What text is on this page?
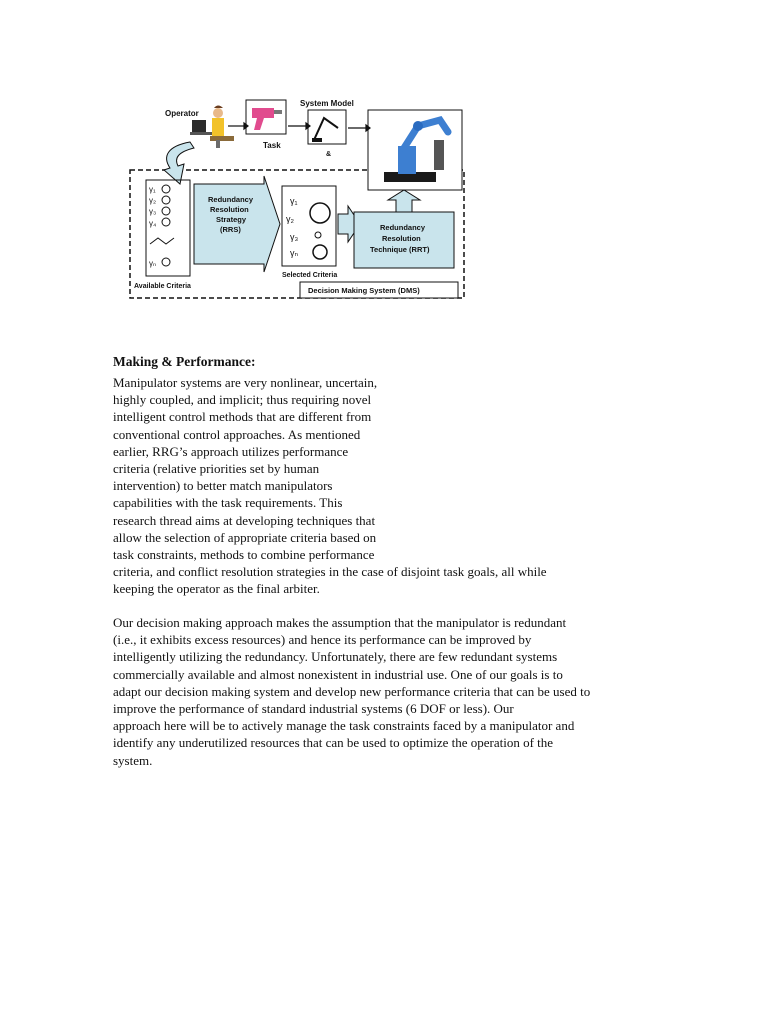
Operator
Task
System Model
&
γ₁
γ₂
γ₃
γ₄
γₙ
Available Criteria
Redundancy
Resolution
Strategy
(RRS)
γ₁
γ₂
γ₃
γₙ
Selected Criteria
Redundancy
Resolution
Technique (RRT)
Decision Making System (DMS)
Making & Performance:
Manipulator systems are very nonlinear, uncertain,
highly coupled, and implicit; thus requiring novel
intelligent control methods that are different from
conventional control approaches. As mentioned
earlier, RRG’s approach utilizes performance
criteria (relative priorities set by human
intervention) to better match manipulators
capabilities with the task requirements. This
research thread aims at developing techniques that
allow the selection of appropriate criteria based on
task constraints, methods to combine performance
criteria, and conflict resolution strategies in the case of disjoint task goals, all while
keeping the operator as the final arbiter.
Our decision making approach makes the assumption that the manipulator is redundant
(i.e., it exhibits excess resources) and hence its performance can be improved by
intelligently utilizing the redundancy. Unfortunately, there are few redundant systems
commercially available and almost nonexistent in industrial use. One of our goals is to
adapt our decision making system and develop new performance criteria that can be used to
improve the performance of standard industrial systems (6 DOF or less). Our
approach here will be to actively manage the task constraints faced by a manipulator and
identify any underutilized resources that can be used to optimize the operation of the
system.
